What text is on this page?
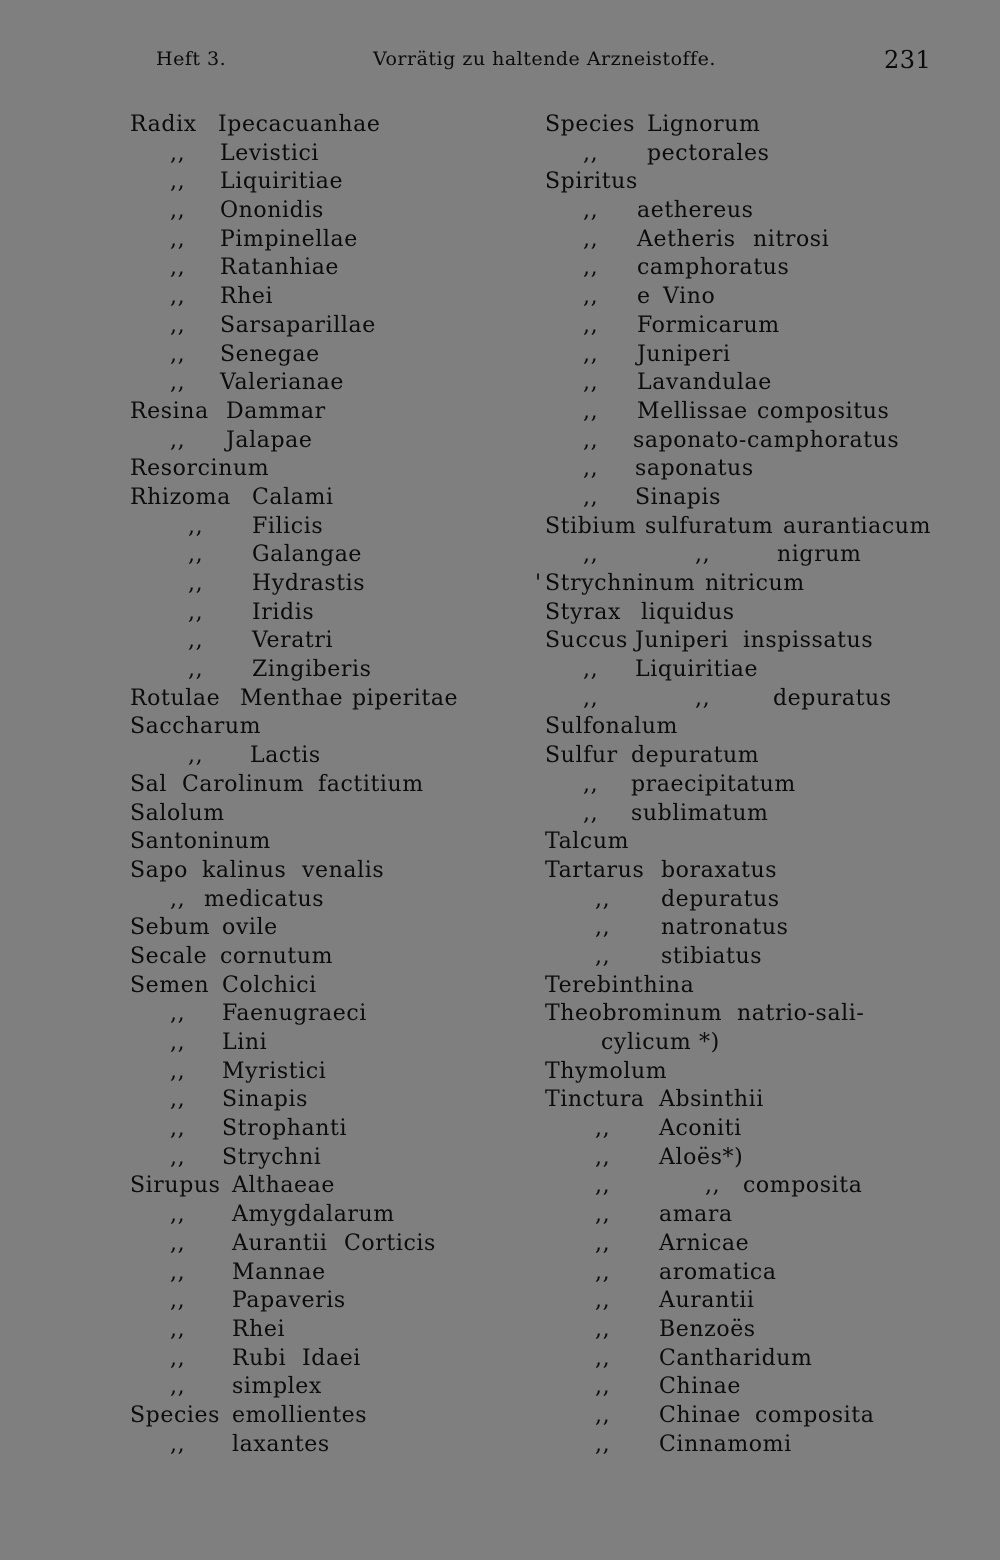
Heft 3.	Vorrätig zu haltende Arzneistoffe.	231
Radix Ipecacuanhae
,, Levistici
,, Liquiritiae
,, Ononidis
,, Pimpinellae
,, Ratanhiae
,, Rhei
,, Sarsaparillae
,, Senegae
,, Valerianae
Resina Dammar
,, Jalapae
Resorcinum
Rhizoma Calami
,, Filicis
,, Galangae
,, Hydrastis
,, Iridis
,, Veratri
,, Zingiberis
Rotulae Menthae piperitae
Saccharum
,, Lactis
Sal Carolinum factitium
Salolum
Santoninum
Sapo kalinus venalis
,, medicatus
Sebum ovile
Secale cornutum
Semen Colchici
,, Faenugraeci
,, Lini
,, Myristici
,, Sinapis
,, Strophanti
,, Strychni
Sirupus Althaeae
,, Amygdalarum
,, Aurantii Corticis
,, Mannae
,, Papaveris
,, Rhei
,, Rubi Idaei
,, simplex
Species emollientes
,, laxantes
Species Lignorum
,, pectorales
Spiritus
,, aethereus
,, Aetheris nitrosi
,, camphoratus
,, e Vino
,, Formicarum
,, Juniperi
,, Lavandulae
,, Mellissae compositus
,, saponato-camphoratus
,, saponatus
,, Sinapis
Stibium sulfuratum aurantiacum
,,	,,	nigrum
' Strychninum nitricum
Styrax liquidus
Succus Juniperi inspissatus
,, Liquiritiae
,,	,,	depuratus
Sulfonalum
Sulfur depuratum
,, praecipitatum
,, sublimatum
Talcum
Tartarus boraxatus
,, depuratus
,, natronatus
,, stibiatus
Terebinthina
Theobrominum natrio-sali-
cylicum *)
Thymolum
Tinctura Absinthii
,, Aconiti
,, Aloës*)
,,	,, composita
,, amara
,, Arnicae
,, aromatica
,, Aurantii
,, Benzoës
,, Cantharidum
,, Chinae
,, Chinae composita
,, Cinnamomi
